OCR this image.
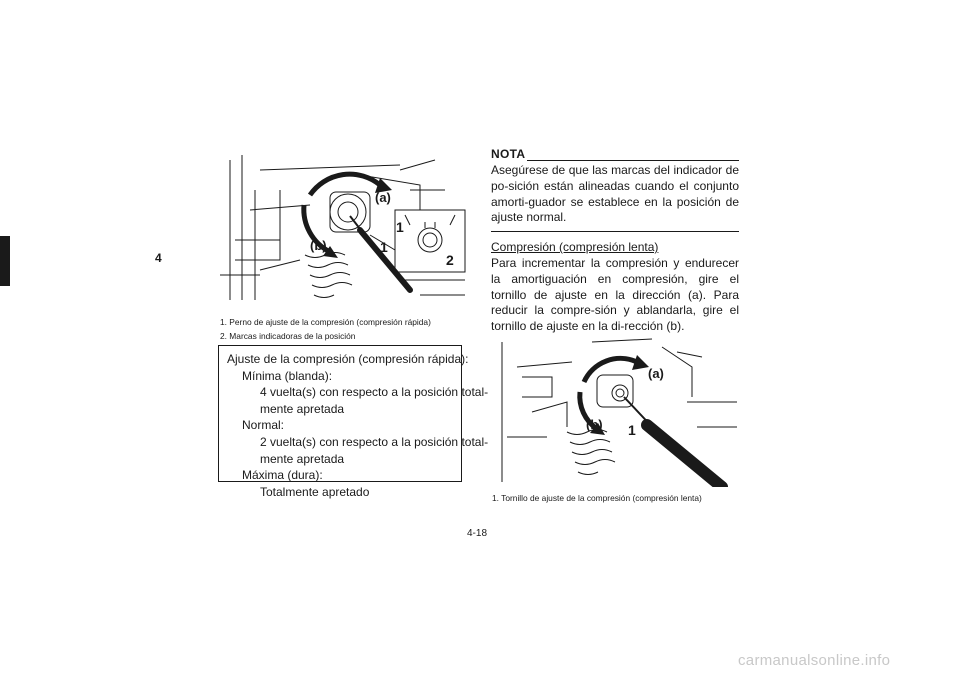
4
(a)
(b)
1
1
2
1. Perno de ajuste de la compresión (compresión rápida)
2. Marcas indicadoras de la posición
Ajuste de la compresión (compresión rápida):
Mínima (blanda):
4 vuelta(s) con respecto a la posición total-
mente apretada
Normal:
2 vuelta(s) con respecto a la posición total-
mente apretada
Máxima (dura):
Totalmente apretado
NOTA
Asegúrese de que las marcas del indicador de po-sición están alineadas cuando el conjunto amorti-guador se establece en la posición de ajuste normal.
Compresión (compresión lenta)
Para incrementar la compresión y endurecer la amortiguación en compresión, gire el tornillo de ajuste en la dirección (a). Para reducir la compre-sión y ablandarla, gire el tornillo de ajuste en la di-rección (b).
(a)
(b) 1
1. Tornillo de ajuste de la compresión (compresión lenta)
4-18
carmanualsonline.info
